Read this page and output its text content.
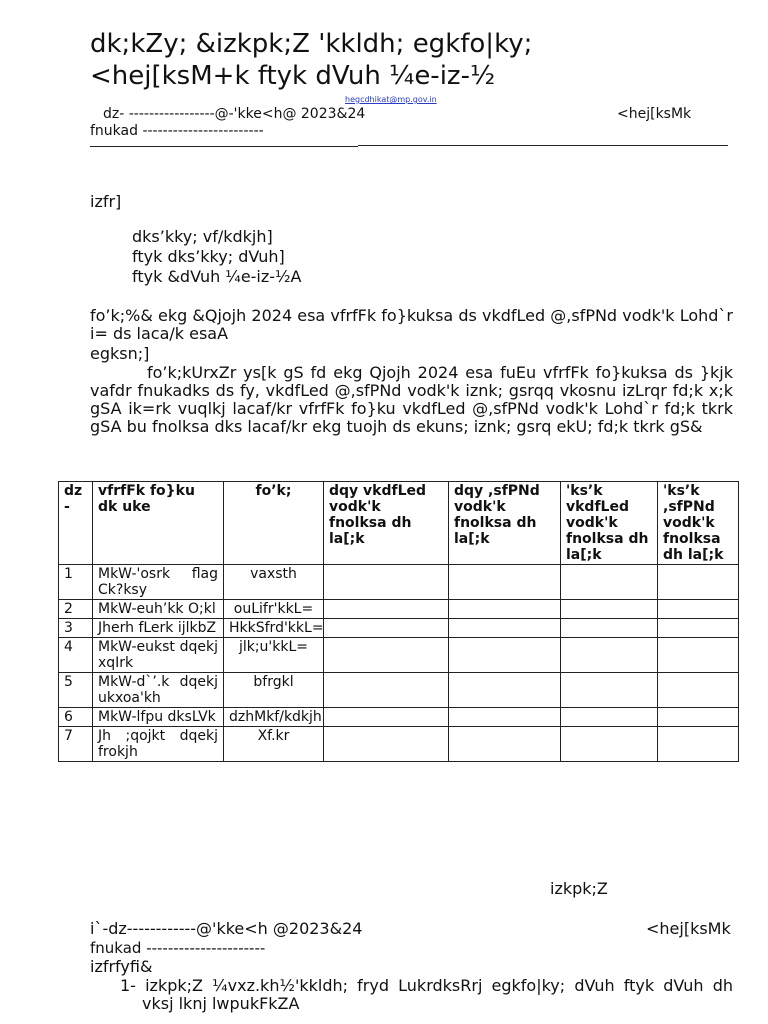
dk;kZy; &izkpk;Z 'kkldh; egkfo|ky;
<hej[ksM+k ftyk dVuh ¼e-iz-½
hegcdhikat@mp.gov.in
dz- -----------------@-'kke<h@ 2023&24	<hej[ksMk
fnukad ------------------------
izfr]
dks’kky; vf/kdkjh]
ftyk dks’kky; dVuh]
ftyk &dVuh ¼e-iz-½A
fo’k;%& ekg &Qjojh 2024 esa vfrfFk fo}kuksa ds vkdfLed @,sfPNd vodk'k Lohd`r i= ds laca/k esaA
egksn;]
fo’k;kUrxZr ys[k gS fd ekg Qjojh 2024 esa fuEu vfrfFk fo}kuksa ds }kjk vafdr fnukadks ds fy, vkdfLed @,sfPNd vodk'k iznk; gsrqq vkosnu izLrqr fd;k x;k gSA ik=rk vuqlkj lacaf/kr vfrfFk fo}ku vkdfLed @,sfPNd vodk'k Lohd`r fd;k tkrk gSA bu fnolksa dks lacaf/kr ekg tuojh ds ekuns; iznk; gsrq ekU; fd;k tkrk gS&
dz -	vfrfFk fo}ku dk uke	fo’k;	dqy vkdfLed vodk'k fnolksa dh la[;k	dqy ,sfPNd vodk'k fnolksa dh la[;k	'ks’k vkdfLed vodk'k fnolksa dh la[;k	'ks’k ,sfPNd vodk'k fnolksa dh la[;k
1	MkW-'osrk flag Ck?ksy	vaxsth				
2	MkW-euh’kk O;kl	ouLifr'kkL=				
3	Jherh fLerk ijlkbZ	HkkSfrd'kkL=				
4	MkW-eukst dqekj xqIrk	jlk;u'kkL=				
5	MkW-d`’.k dqekj ukxoa'kh	bfrgkl				
6	MkW-lfpu dksLVk	dzhMkf/kdkjh				
7	Jh ;qojkt dqekj frokjh	Xf.kr				
izkpk;Z
i`-dz------------@'kke<h @2023&24	<hej[ksMk
fnukad ----------------------
izfrfyfi&
1- izkpk;Z ¼vxz.kh½'kkldh; fryd LukrdksRrj egkfo|ky; dVuh ftyk dVuh dh vksj lknj lwpukFkZA
